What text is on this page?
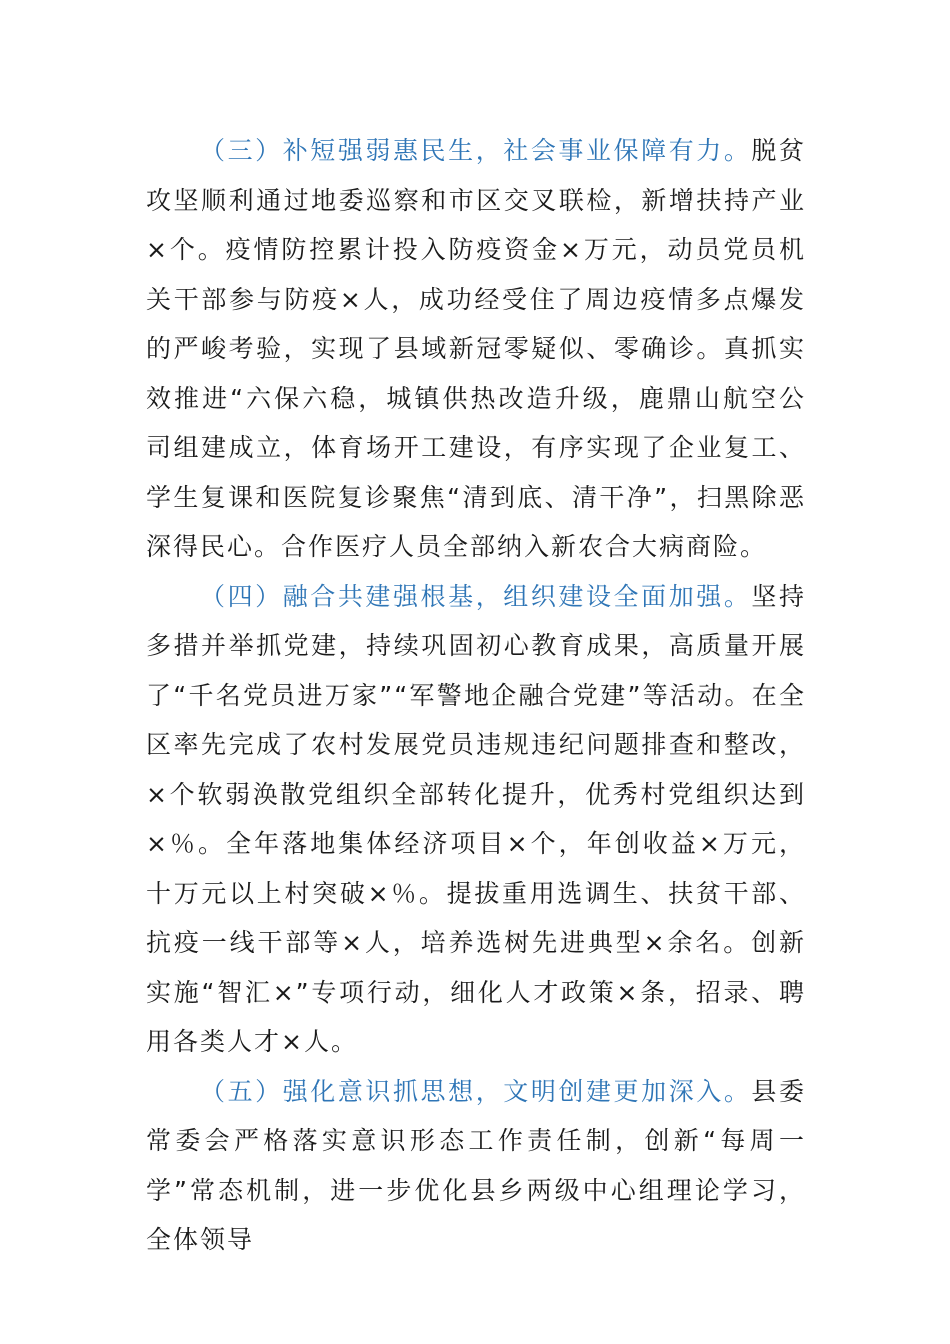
（三）补短强弱惠民生，社会事业保障有力。脱贫攻坚顺利通过地委巡察和市区交叉联检，新增扶持产业×个。疫情防控累计投入防疫资金×万元，动员党员机关干部参与防疫×人，成功经受住了周边疫情多点爆发的严峻考验，实现了县域新冠零疑似、零确诊。真抓实效推进“六保六稳，城镇供热改造升级，鹿鼎山航空公司组建成立，体育场开工建设，有序实现了企业复工、学生复课和医院复诊聚焦“清到底、清干净”，扫黑除恶深得民心。合作医疗人员全部纳入新农合大病商险。

（四）融合共建强根基，组织建设全面加强。坚持多措并举抓党建，持续巩固初心教育成果，高质量开展了“千名党员进万家”“军警地企融合党建”等活动。在全区率先完成了农村发展党员违规违纪问题排查和整改，×个软弱涣散党组织全部转化提升，优秀村党组织达到×％。全年落地集体经济项目×个，年创收益×万元，十万元以上村突破×％。提拔重用选调生、扶贫干部、抗疫一线干部等×人，培养选树先进典型×余名。创新实施“智汇×”专项行动，细化人才政策×条，招录、聘用各类人才×人。

（五）强化意识抓思想，文明创建更加深入。县委常委会严格落实意识形态工作责任制，创新“每周一学”常态机制，进一步优化县乡两级中心组理论学习，全体领导
